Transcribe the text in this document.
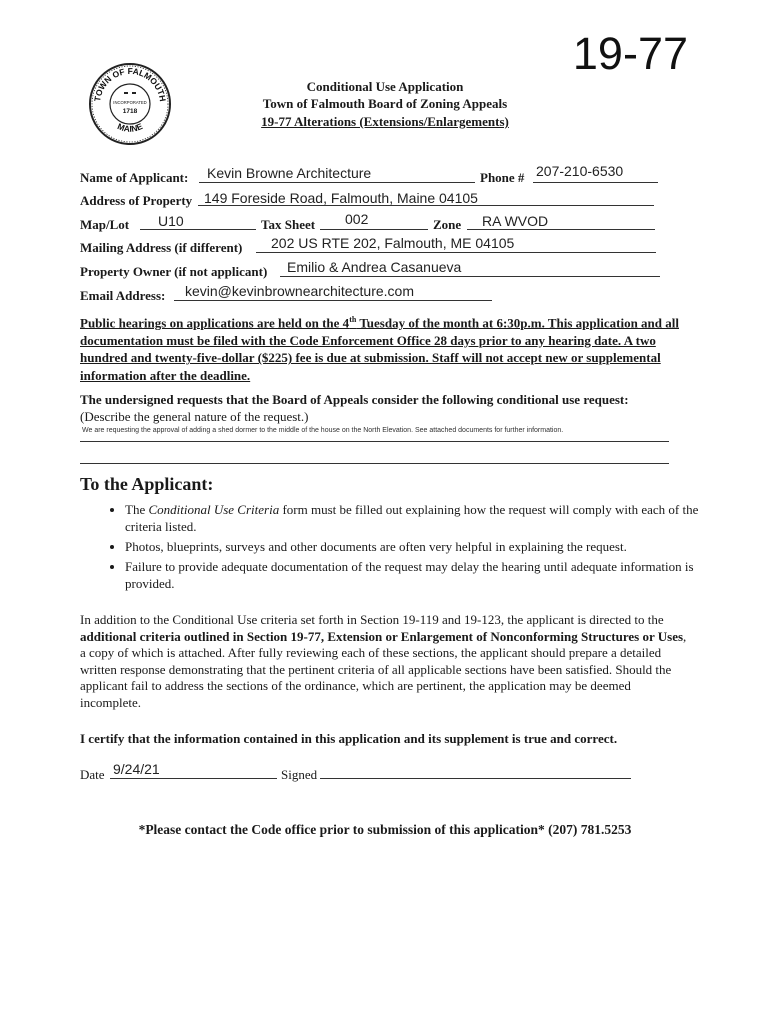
19-77
TOWN OF FALMOUTH
MAINE
INCORPORATED
1718
Conditional Use Application
Town of Falmouth Board of Zoning Appeals
19-77 Alterations (Extensions/Enlargements)
Name of Applicant: Kevin Browne Architecture	Phone # 207-210-6530
Address of Property 149 Foreside Road, Falmouth, Maine 04105
Map/Lot U10	Tax Sheet 002	Zone RA WVOD
Mailing Address (if different) 202 US RTE 202, Falmouth, ME 04105
Property Owner (if not applicant) Emilio & Andrea Casanueva
Email Address: kevin@kevinbrownearchitecture.com
Public hearings on applications are held on the 4th Tuesday of the month at 6:30p.m. This application and all documentation must be filed with the Code Enforcement Office 28 days prior to any hearing date. A two hundred and twenty-five-dollar ($225) fee is due at submission. Staff will not accept new or supplemental information after the deadline.
The undersigned requests that the Board of Appeals consider the following conditional use request:
(Describe the general nature of the request.)
We are requesting the approval of adding a shed dormer to the middle of the house on the North Elevation. See attached documents for further information.
To the Applicant:
• The Conditional Use Criteria form must be filled out explaining how the request will comply with each of the criteria listed.
• Photos, blueprints, surveys and other documents are often very helpful in explaining the request.
• Failure to provide adequate documentation of the request may delay the hearing until adequate information is provided.
In addition to the Conditional Use criteria set forth in Section 19-119 and 19-123, the applicant is directed to the additional criteria outlined in Section 19-77, Extension or Enlargement of Nonconforming Structures or Uses, a copy of which is attached. After fully reviewing each of these sections, the applicant should prepare a detailed written response demonstrating that the pertinent criteria of all applicable sections have been satisfied. Should the applicant fail to address the sections of the ordinance, which are pertinent, the application may be deemed incomplete.
I certify that the information contained in this application and its supplement is true and correct.
Date 9/24/21	Signed
*Please contact the Code office prior to submission of this application* (207) 781.5253
